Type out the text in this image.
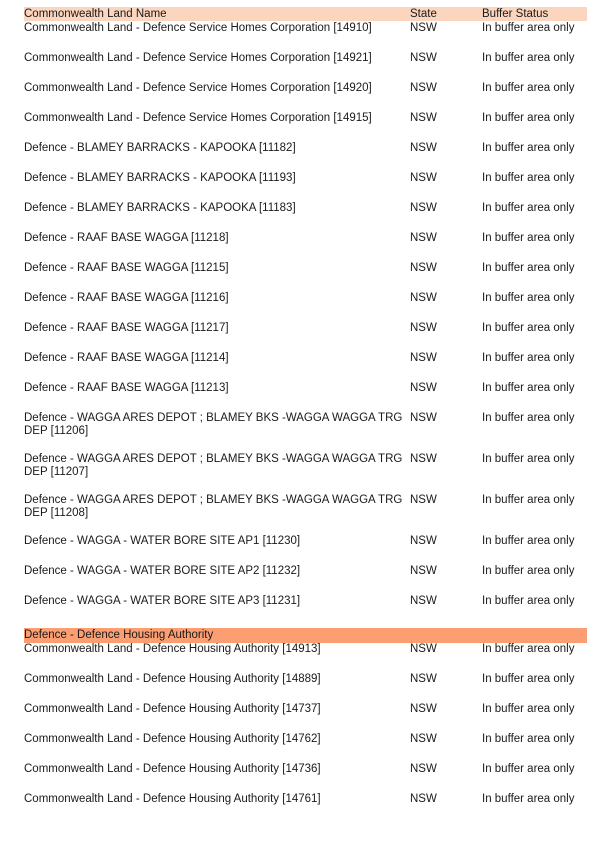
Commonwealth Land Name	State	Buffer Status
Commonwealth Land - Defence Service Homes Corporation [14910]	NSW	In buffer area only
Commonwealth Land - Defence Service Homes Corporation [14921]	NSW	In buffer area only
Commonwealth Land - Defence Service Homes Corporation [14920]	NSW	In buffer area only
Commonwealth Land - Defence Service Homes Corporation [14915]	NSW	In buffer area only
Defence - BLAMEY BARRACKS - KAPOOKA [11182]	NSW	In buffer area only
Defence - BLAMEY BARRACKS - KAPOOKA [11193]	NSW	In buffer area only
Defence - BLAMEY BARRACKS - KAPOOKA [11183]	NSW	In buffer area only
Defence - RAAF BASE WAGGA [11218]	NSW	In buffer area only
Defence - RAAF BASE WAGGA [11215]	NSW	In buffer area only
Defence - RAAF BASE WAGGA [11216]	NSW	In buffer area only
Defence - RAAF BASE WAGGA [11217]	NSW	In buffer area only
Defence - RAAF BASE WAGGA [11214]	NSW	In buffer area only
Defence - RAAF BASE WAGGA [11213]	NSW	In buffer area only
Defence - WAGGA ARES DEPOT ; BLAMEY BKS -WAGGA WAGGA TRG DEP [11206]
NSW	In buffer area only
Defence - WAGGA ARES DEPOT ; BLAMEY BKS -WAGGA WAGGA TRG DEP [11207]
NSW	In buffer area only
Defence - WAGGA ARES DEPOT ; BLAMEY BKS -WAGGA WAGGA TRG DEP [11208]
NSW	In buffer area only
Defence - WAGGA - WATER BORE SITE AP1 [11230]	NSW	In buffer area only
Defence - WAGGA - WATER BORE SITE AP2 [11232]	NSW	In buffer area only
Defence - WAGGA - WATER BORE SITE AP3 [11231]	NSW	In buffer area only
Defence - Defence Housing Authority
Commonwealth Land - Defence Housing Authority [14913]	NSW	In buffer area only
Commonwealth Land - Defence Housing Authority [14889]	NSW	In buffer area only
Commonwealth Land - Defence Housing Authority [14737]	NSW	In buffer area only
Commonwealth Land - Defence Housing Authority [14762]	NSW	In buffer area only
Commonwealth Land - Defence Housing Authority [14736]	NSW	In buffer area only
Commonwealth Land - Defence Housing Authority [14761]	NSW	In buffer area only
